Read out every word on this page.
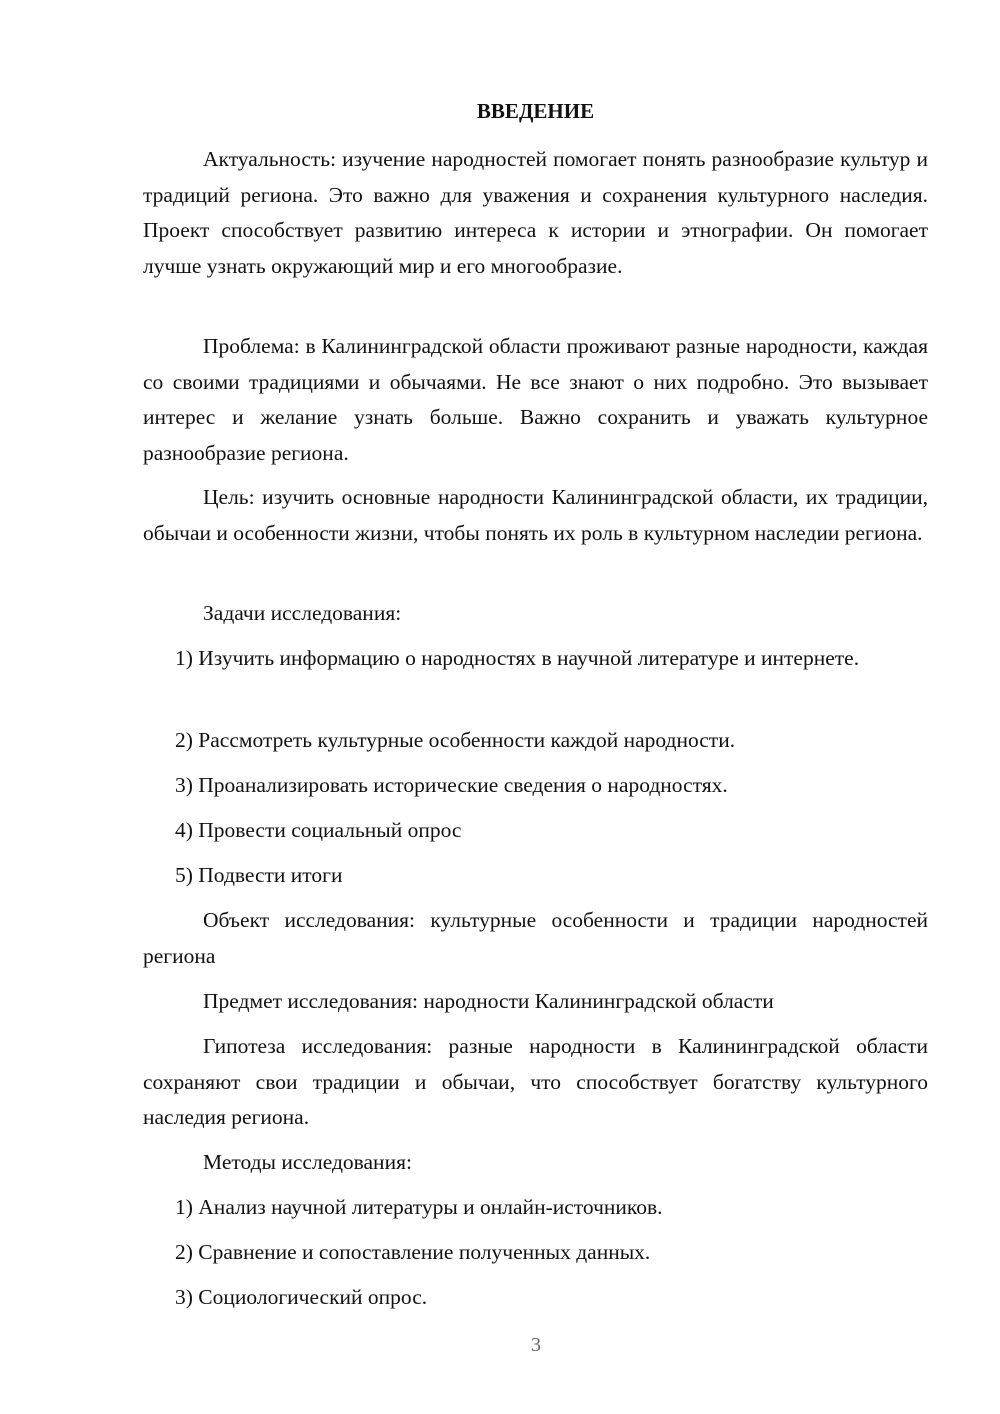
ВВЕДЕНИЕ

Актуальность: изучение народностей помогает понять разнообразие культур и традиций региона. Это важно для уважения и сохранения культурного наследия. Проект способствует развитию интереса к истории и этнографии. Он помогает лучше узнать окружающий мир и его многообразие.

Проблема: в Калининградской области проживают разные народности, каждая со своими традициями и обычаями. Не все знают о них подробно. Это вызывает интерес и желание узнать больше. Важно сохранить и уважать культурное разнообразие региона.

Цель: изучить основные народности Калининградской области, их традиции, обычаи и особенности жизни, чтобы понять их роль в культурном наследии региона.

Задачи исследования:

1) Изучить информацию о народностях в научной литературе и интернете.

2) Рассмотреть культурные особенности каждой народности.

3) Проанализировать исторические сведения о народностях.

4) Провести социальный опрос

5) Подвести итоги

Объект исследования: культурные особенности и традиции народностей региона

Предмет исследования: народности Калининградской области

Гипотеза исследования: разные народности в Калининградской области сохраняют свои традиции и обычаи, что способствует богатству культурного наследия региона.

Методы исследования:

1) Анализ научной литературы и онлайн-источников.

2) Сравнение и сопоставление полученных данных.

3) Социологический опрос.

3
